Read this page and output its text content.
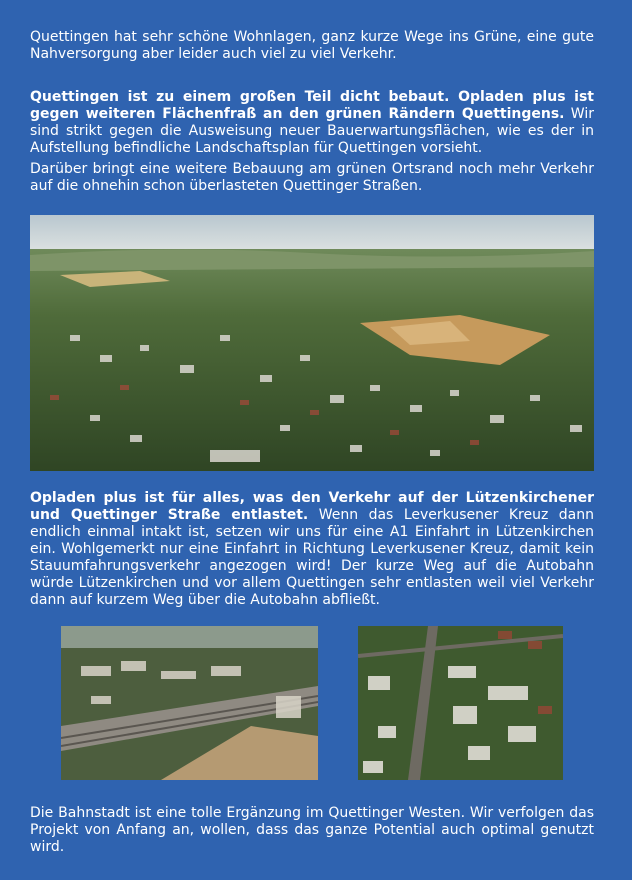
Quettingen hat sehr schöne Wohnlagen, ganz kurze Wege ins Grüne, eine gute Nahversorgung aber leider auch viel zu viel Verkehr.

Quettingen ist zu einem großen Teil dicht bebaut. Opladen plus ist gegen weiteren Flächenfraß an den grünen Rändern Quettingens. Wir sind strikt gegen die Ausweisung neuer Bauerwartungsflächen, wie es der in Aufstellung befindliche Landschaftsplan für Quettingen vorsieht.

Darüber bringt eine weitere Bebauung am grünen Ortsrand noch mehr Verkehr auf die ohnehin schon überlasteten Quettinger Straßen.

Opladen plus ist für alles, was den Verkehr auf der Lützenkirchener und Quettinger Straße entlastet. Wenn das Leverkusener Kreuz dann endlich einmal intakt ist, setzen wir uns für eine A1 Einfahrt in Lützenkirchen ein. Wohlgemerkt nur eine Einfahrt in Richtung Leverkusener Kreuz, damit kein Stauumfahrungsverkehr angezogen wird! Der kurze Weg auf die Autobahn würde Lützenkirchen und vor allem Quettingen sehr entlasten weil viel Verkehr dann auf kurzem Weg über die Autobahn abfließt.

Die Bahnstadt ist eine tolle Ergänzung im Quettinger Westen. Wir verfolgen das Projekt von Anfang an, wollen, dass das ganze Potential auch optimal genutzt wird.
